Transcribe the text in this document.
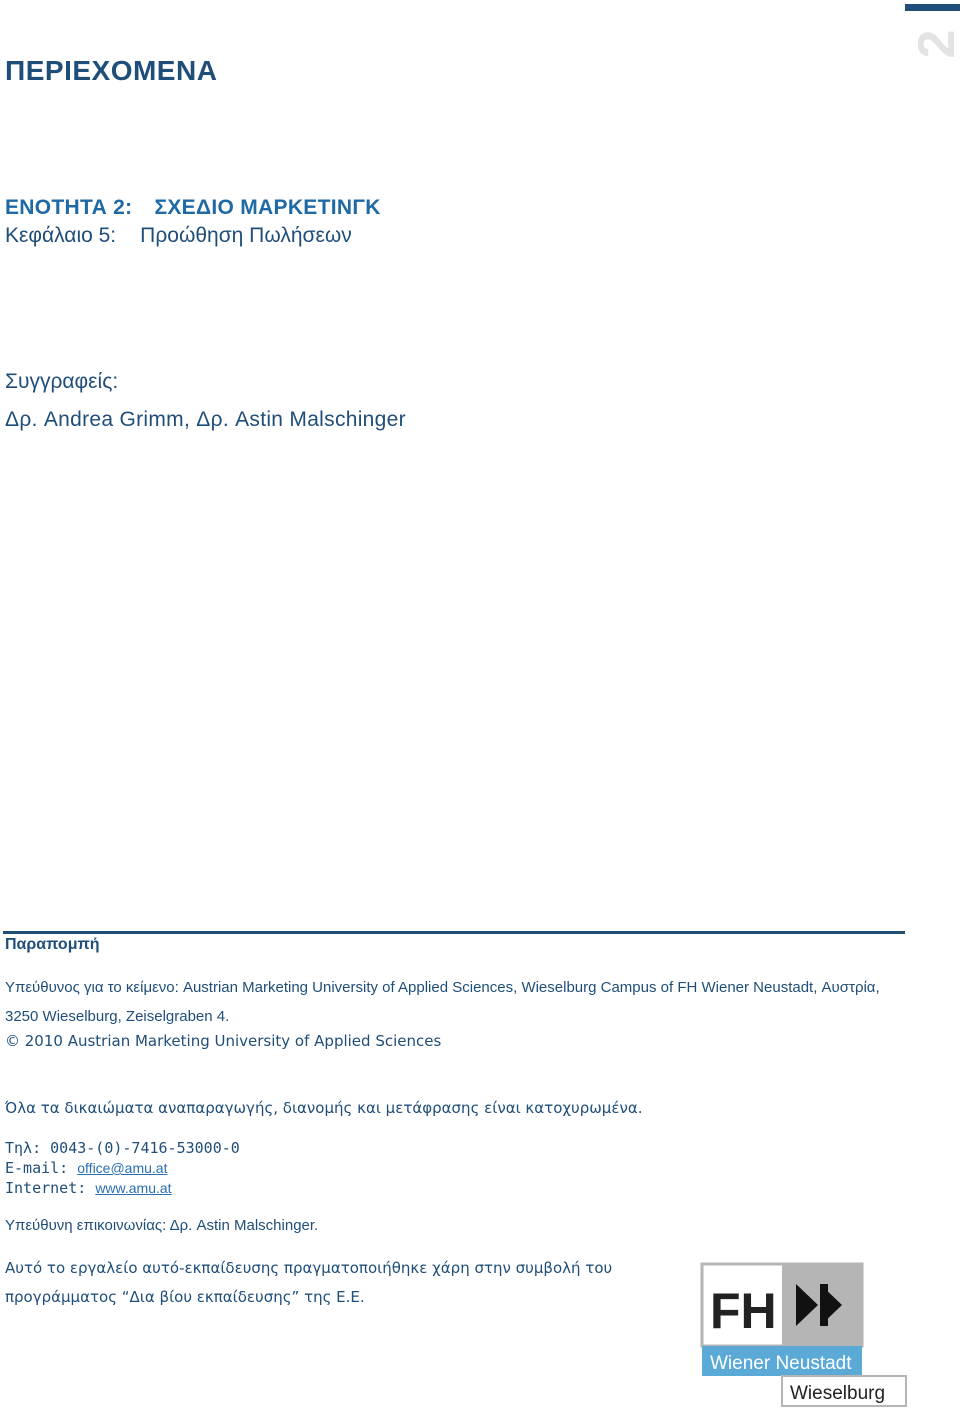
2
ΠΕΡΙΕΧΟΜΕΝΑ
ΕΝΟΤΗΤΑ 2: ΣΧΕΔΙΟ ΜΑΡΚΕΤΙΝΓΚ
Κεφάλαιο 5: Προώθηση Πωλήσεων
Συγγραφείς:
Δρ. Andrea Grimm, Δρ. Astin Malschinger
Παραπομπή
Υπεύθυνος για το κείμενο: Austrian Marketing University of Applied Sciences, Wieselburg Campus of FH Wiener Neustadt, Αυστρία, 3250 Wieselburg, Zeiselgraben 4.
© 2010 Austrian Marketing University of Applied Sciences
Όλα τα δικαιώματα αναπαραγωγής, διανομής και μετάφρασης είναι κατοχυρωμένα.
Τηλ: 0043-(0)-7416-53000-0
E-mail: office@amu.at
Internet: www.amu.at
Υπεύθυνη επικοινωνίας: Δρ. Astin Malschinger.
Αυτό το εργαλείο αυτό-εκπαίδευσης πραγματοποιήθηκε χάρη στην συμβολή του προγράμματος “Δια βίου εκπαίδευσης” της Ε.Ε.	FH
Wiener Neustadt
Wieselburg
